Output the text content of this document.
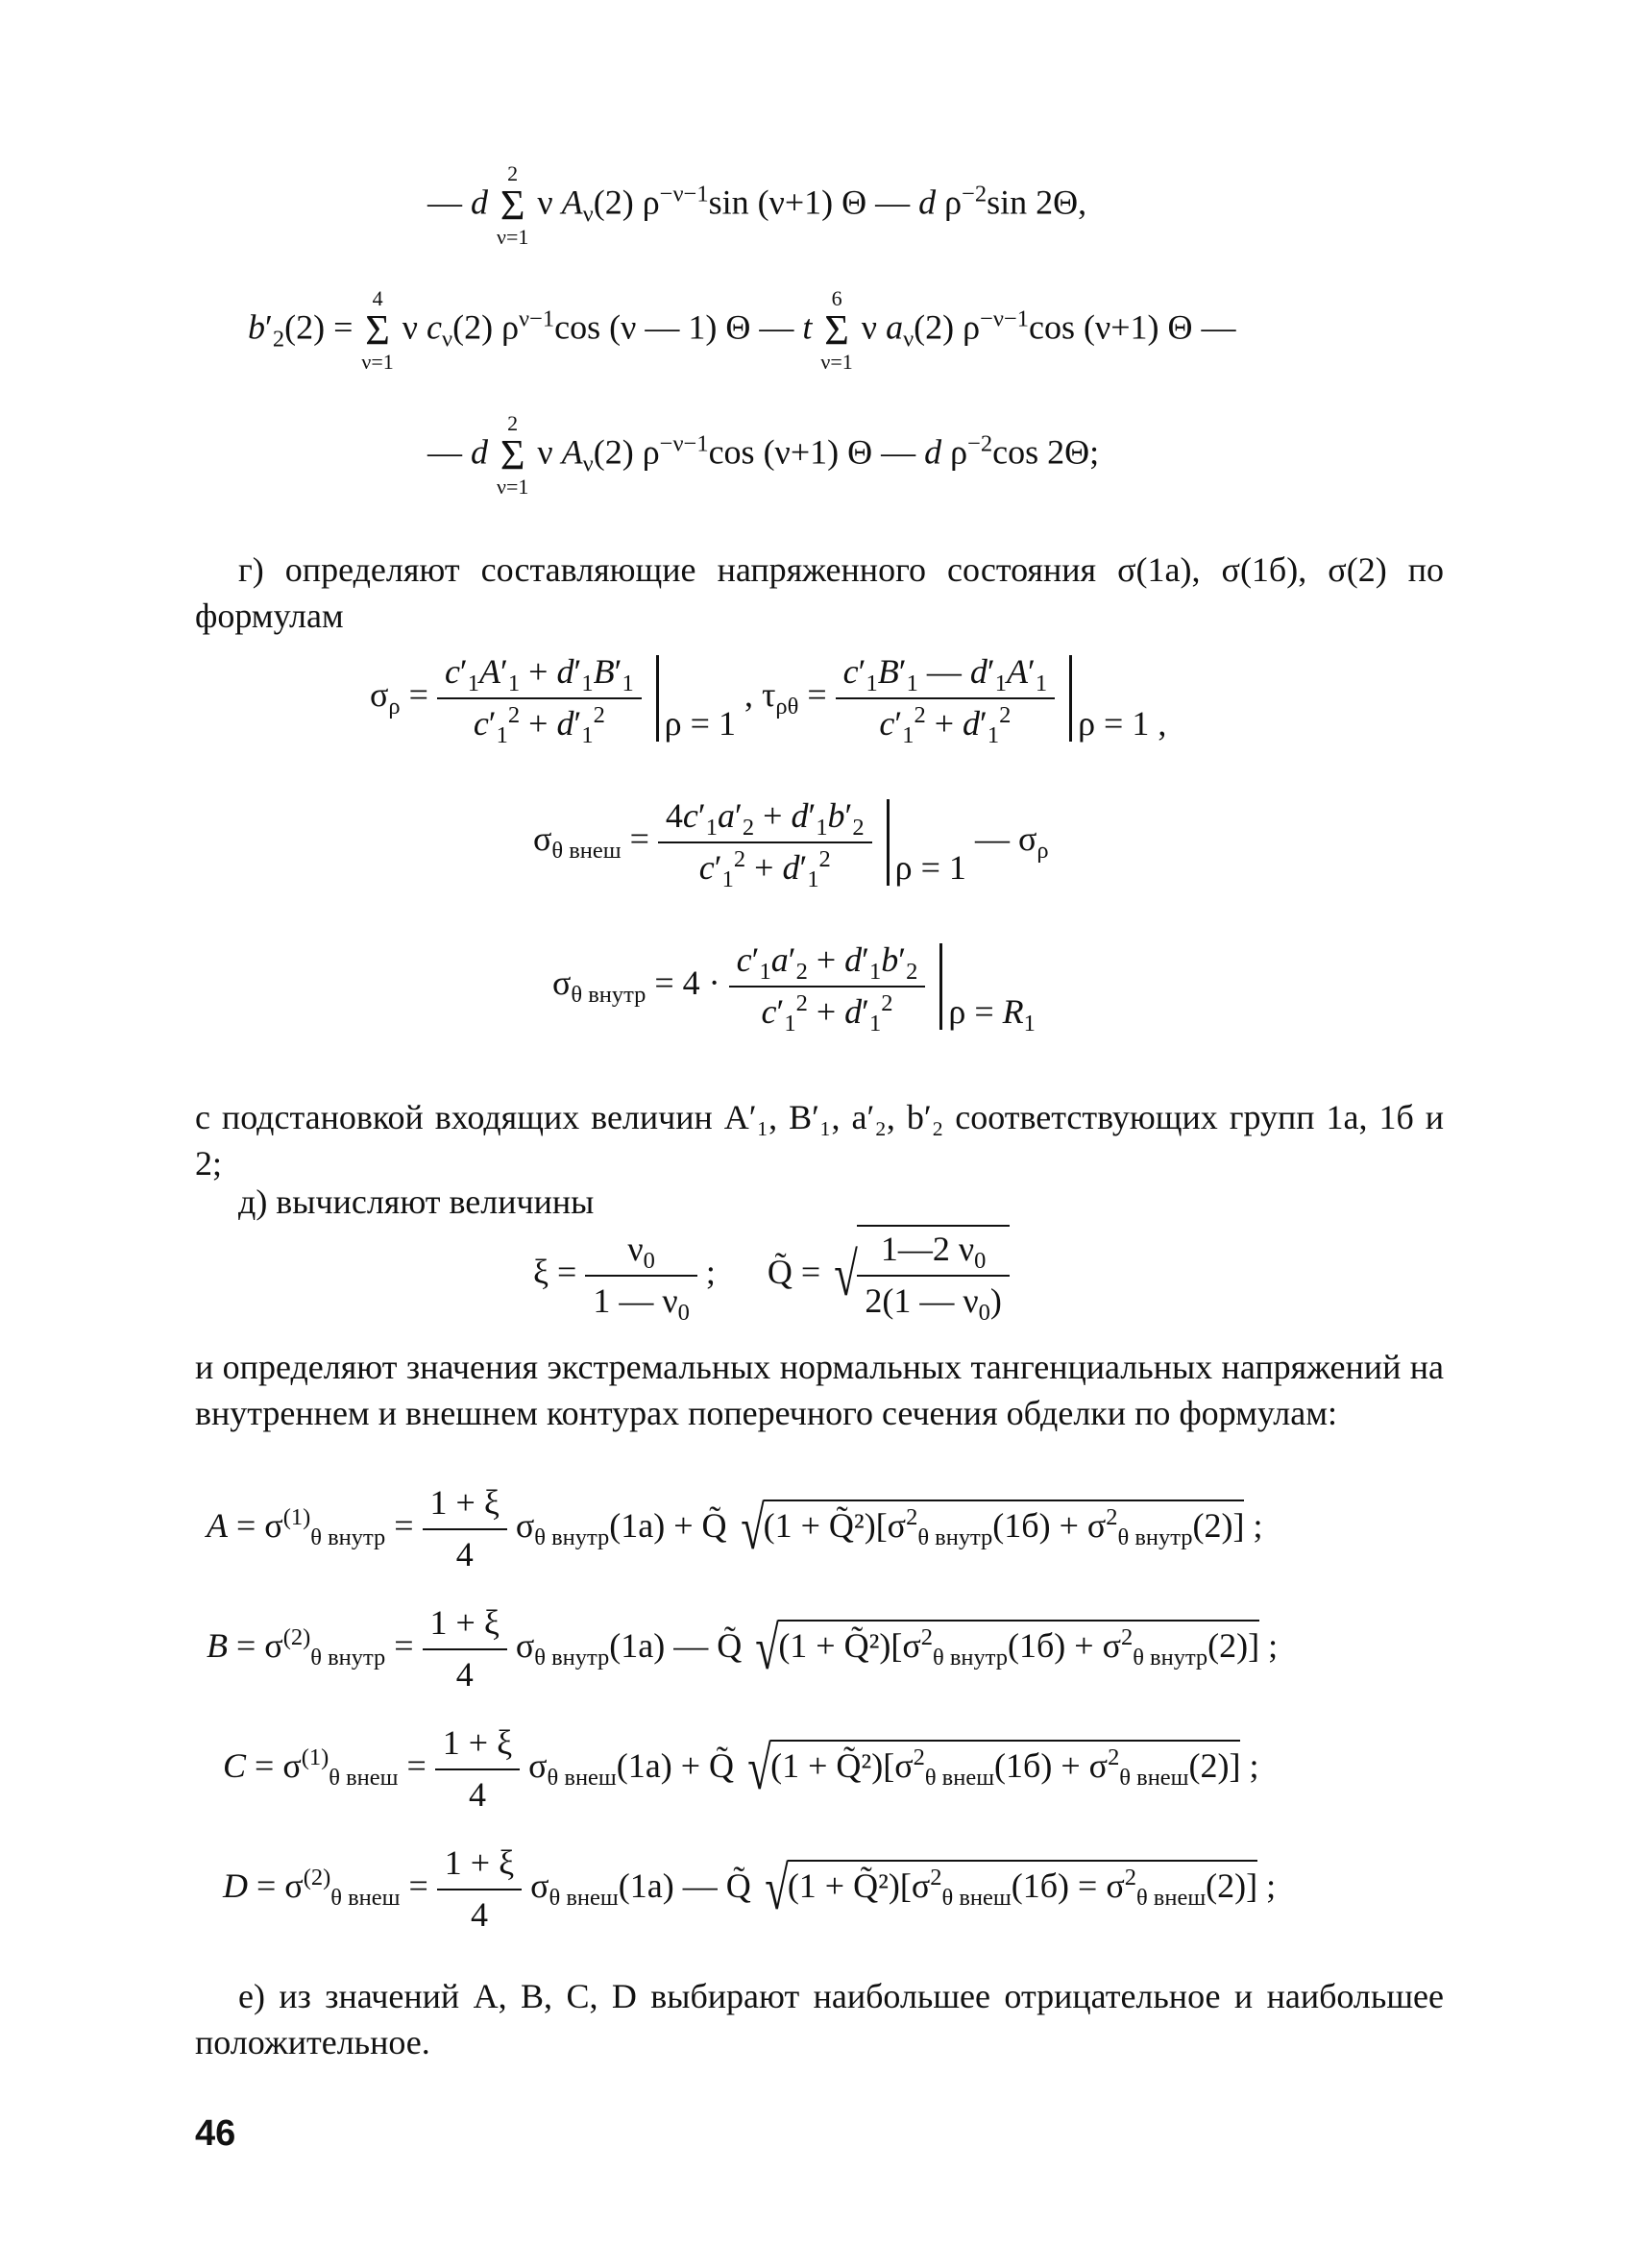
— d
2
Σ
ν=1
ν $A_\nu(2)$ $\rho^{-\nu-1}\sin$ (ν+1) Θ — d $\rho^{-2}\sin$ 2Θ,
$b'_2(2)$ =
4
Σ
ν=1
ν $c_\nu(2)$ $\rho^{\nu-1}\cos$ (ν — 1) Θ — t
6
Σ
ν=1
ν $a_\nu(2)$ $\rho^{-\nu-1}\cos$ (ν+1) Θ —
— d
2
Σ
ν=1
ν $A_\nu(2)$ $\rho^{-\nu-1}\cos$ (ν+1) Θ — d $\rho^{-2}\cos$ 2Θ;
г) определяют составляющие напряженного состояния σ(1а), σ(1б), σ(2) по формулам
$\sigma_\rho = \frac{c'_1A'_1 + d'_1B'_1}{c'_1^2 + d'_1^2}$ ρ = 1 , $\tau_{\rho\theta} = \frac{c'_1B'_1 — d'_1A'_1}{c'_1^2 + d'_1^2}$ ρ = 1 ,
$\sigma_{\theta внеш} = \frac{4c'_1a'_2 + d'_1b'_2}{c'_1^2 + d'_1^2}$ ρ = 1 — $\sigma_\rho$
$\sigma_{\theta внутр} = 4 \cdot \frac{c'_1a'_2 + d'_1b'_2}{c'_1^2 + d'_1^2}$ $\rho = R_1$
с подстановкой входящих величин A′₁, B′₁, a′₂, b′₂ соответствующих групп 1а, 1б и 2;
д) вычисляют величины
$\xi = \frac{\nu_0}{1 — \nu_0}$ ;      Q̃ = √ $\frac{1—2 \nu_0}{2(1 — \nu_0)}$
и определяют значения экстремальных нормальных тангенциальных напряжений на внутреннем и внешнем контурах поперечного сечения обделки по формулам:
$A = \sigma^{(1)}_{\theta внутр} = \frac{1 + \xi}{4} \sigma_{\theta внутр}(1а)$ + Q̃ $√(1 + Q̃^2)[\sigma^2_{\theta внутр}(1б) + \sigma^2_{\theta внутр}(2)]$ ;
$B = \sigma^{(2)}_{\theta внутр} = \frac{1 + \xi}{4} \sigma_{\theta внутр}(1а)$ — Q̃ $√(1 + Q̃^2)[\sigma^2_{\theta внутр}(1б) + \sigma^2_{\theta внутр}(2)]$ ;
$C = \sigma^{(1)}_{\theta внеш} = \frac{1 + \xi}{4} \sigma_{\theta внеш}(1а)$ + Q̃ $√(1 + Q̃^2)[\sigma^2_{\theta внеш}(1б) + \sigma^2_{\theta внеш}(2)]$ ;
$D = \sigma^{(2)}_{\theta внеш} = \frac{1 + \xi}{4} \sigma_{\theta внеш}(1а)$ — Q̃ $√(1 + Q̃^2)[\sigma^2_{\theta внеш}(1б) = \sigma^2_{\theta внеш}(2)]$ ;
е) из значений A, B, C, D выбирают наибольшее отрицательное и наибольшее положительное.
46
